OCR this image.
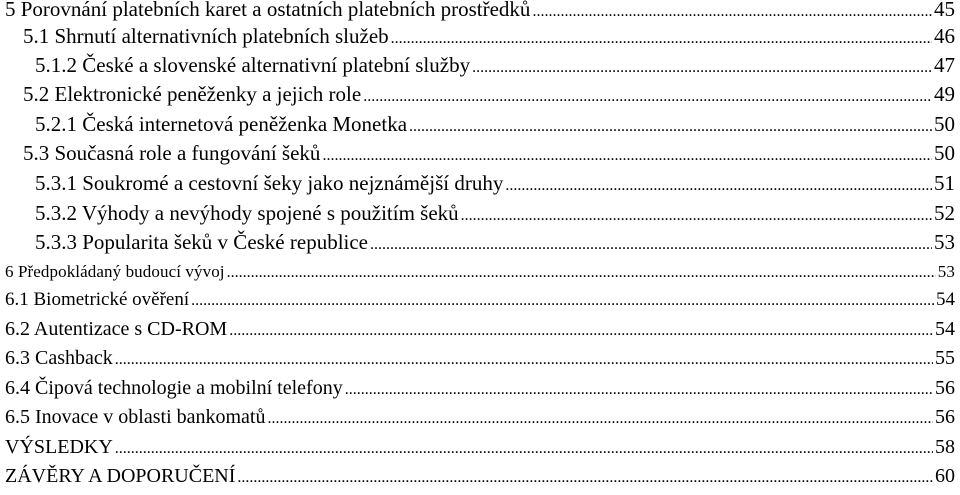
5 Porovnání platebních karet a ostatních platebních prostředků .....	45
5.1 Shrnutí alternativních platebních služeb .....	46
5.1.2 České a slovenské alternativní platební služby .....	47
5.2 Elektronické peněženky a jejich role .....	49
5.2.1 Česká internetová peněženka Monetka .....	50
5.3 Současná role a fungování šeků .....	50
5.3.1 Soukromé a cestovní šeky jako nejznámější druhy .....	51
5.3.2 Výhody a nevýhody spojené s použitím šeků .....	52
5.3.3 Popularita šeků v České republice .....	53
6 Předpokládaný budoucí vývoj .....	53
6.1 Biometrické ověření .....	54
6.2 Autentizace s CD-ROM .....	54
6.3 Cashback .....	55
6.4 Čipová technologie a mobilní telefony .....	56
6.5 Inovace v oblasti bankomatů .....	56
VÝSLEDKY .....	58
ZÁVĚRY A DOPORUČENÍ .....	60
